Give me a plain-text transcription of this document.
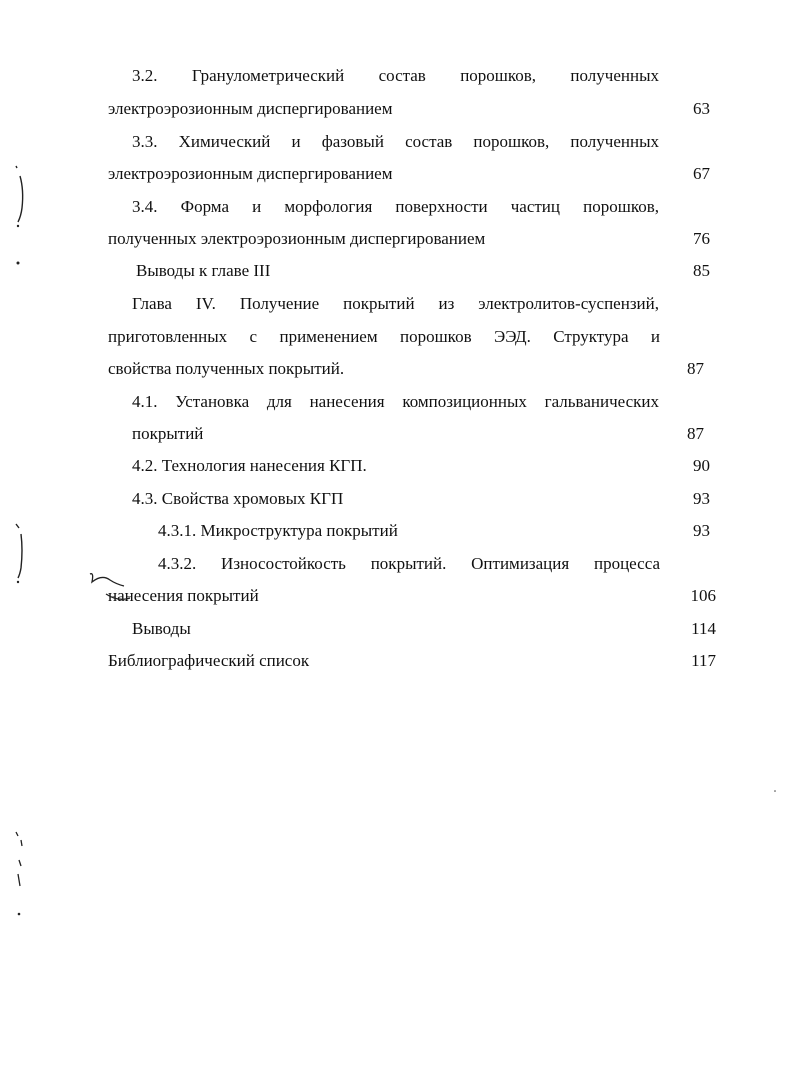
3.2. Гранулометрический состав порошков, полученных
электроэрозионным диспергированием	63
3.3. Химический и фазовый состав порошков, полученных
электроэрозионным диспергированием	67
3.4. Форма и морфология поверхности частиц порошков,
полученных электроэрозионным диспергированием	76
Выводы к главе III	85
Глава IV. Получение покрытий из электролитов-суспензий,
приготовленных с применением порошков ЭЭД. Структура и
свойства полученных покрытий.	87
4.1. Установка для нанесения композиционных гальванических
покрытий	87
4.2. Технология нанесения КГП.	90
4.3. Свойства хромовых КГП	93
4.3.1. Микроструктура покрытий	93
4.3.2. Износостойкость покрытий. Оптимизация процесса
нанесения покрытий	106
Выводы	114
Библиографический список	117
